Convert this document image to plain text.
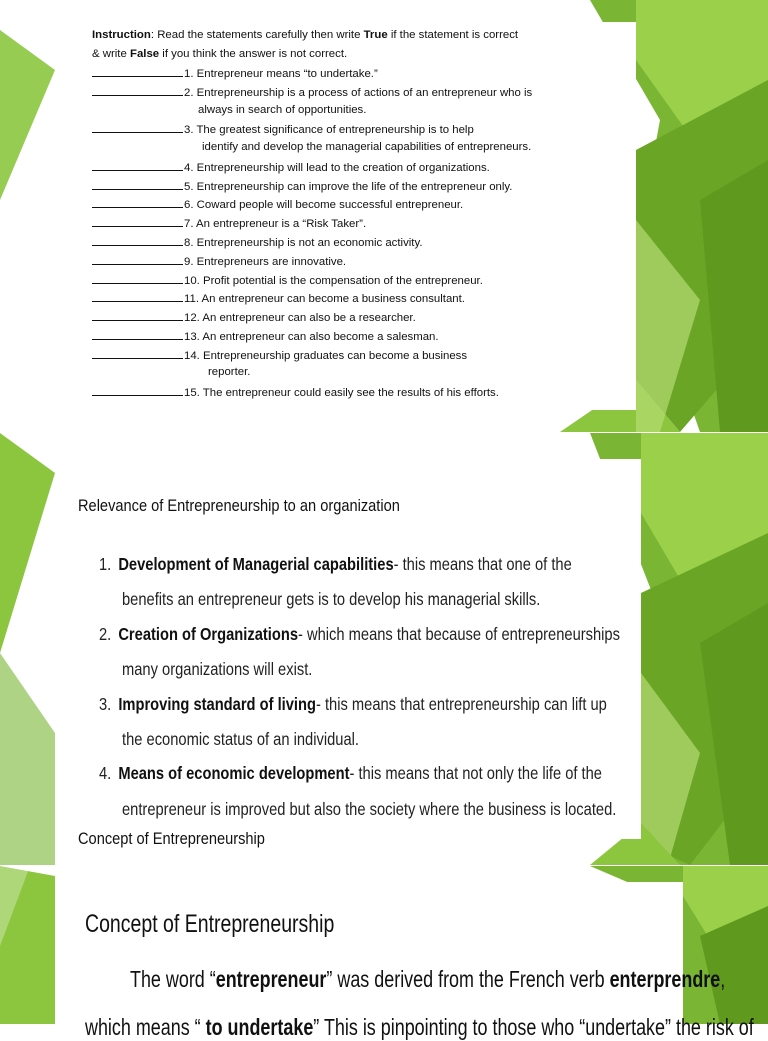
Instruction: Read the statements carefully then write True if the statement is correct
& write False if you think the answer is not correct.
1. Entrepreneur means “to undertake.”
2. Entrepreneurship is a process of actions of an entrepreneur who is
always in search of opportunities.
3. The greatest significance of entrepreneurship is to help
identify and develop the managerial capabilities of entrepreneurs.
4. Entrepreneurship will lead to the creation of organizations.
5. Entrepreneurship can improve the life of the entrepreneur only.
6. Coward people will become successful entrepreneur.
7. An entrepreneur is a “Risk Taker”.
8. Entrepreneurship is not an economic activity.
9. Entrepreneurs are innovative.
10. Profit potential is the compensation of the entrepreneur.
11. An entrepreneur can become a business consultant.
12. An entrepreneur can also be a researcher.
13. An entrepreneur can also become a salesman.
14. Entrepreneurship graduates can become a business
reporter.
15. The entrepreneur could easily see the results of his efforts.
Relevance of Entrepreneurship to an organization
1. Development of Managerial capabilities- this means that one of the
benefits an entrepreneur gets is to develop his managerial skills.
2. Creation of Organizations- which means that because of entrepreneurships
many organizations will exist.
3. Improving standard of living- this means that entrepreneurship can lift up
the economic status of an individual.
4. Means of economic development- this means that not only the life of the
entrepreneur is improved but also the society where the business is located.
Concept of Entrepreneurship
Concept of Entrepreneurship
The word “entrepreneur” was derived from the French verb enterprendre,
which means “ to undertake” This is pinpointing to those who “undertake” the risk of
